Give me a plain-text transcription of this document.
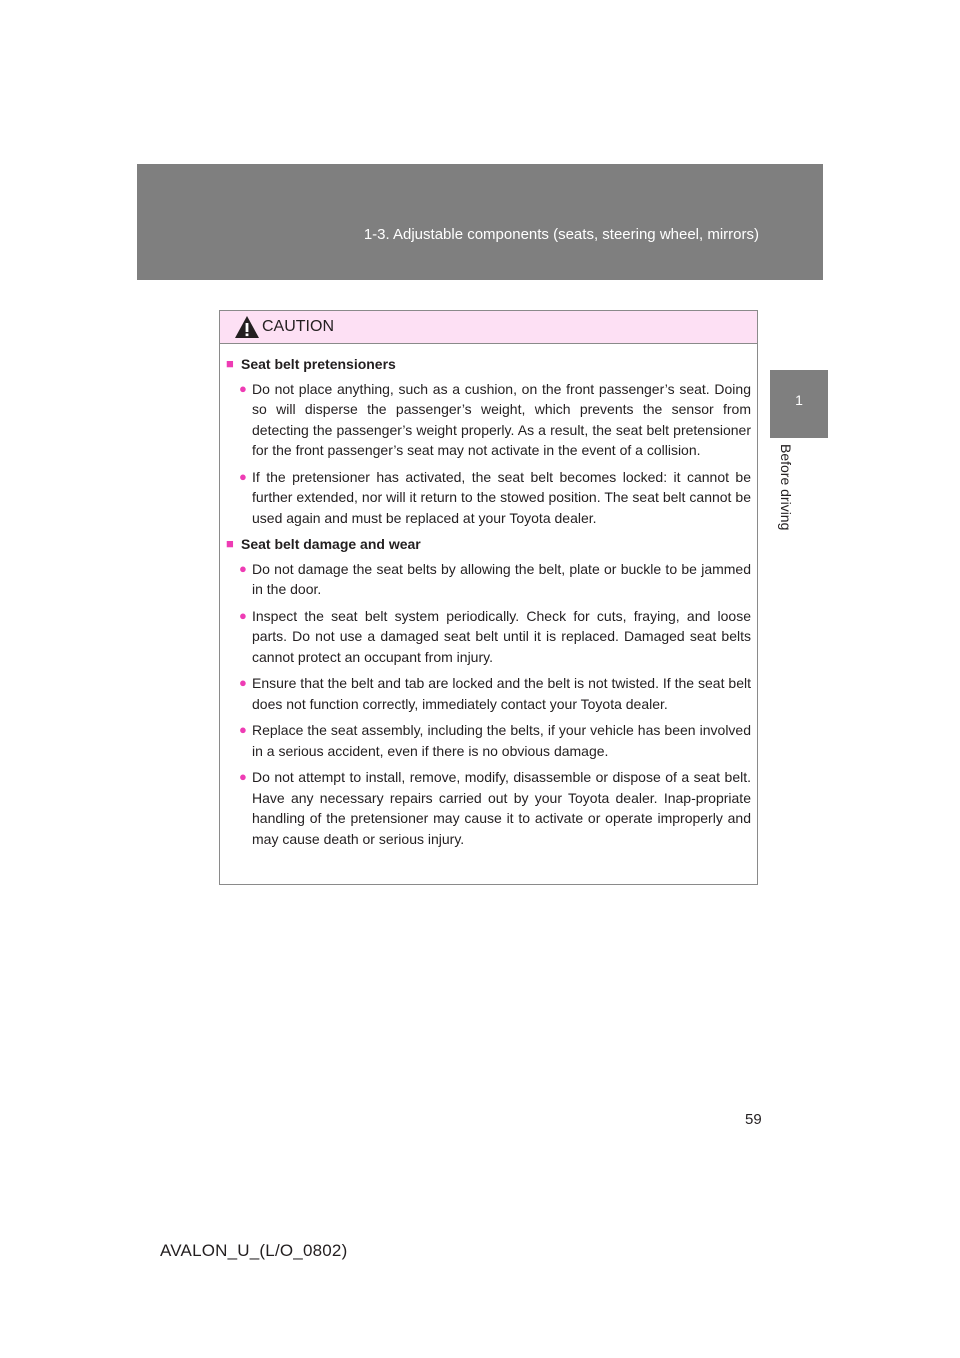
1-3. Adjustable components (seats, steering wheel, mirrors)
1
Before driving
CAUTION
■ Seat belt pretensioners
● Do not place anything, such as a cushion, on the front passenger’s seat. Doing so will disperse the passenger’s weight, which prevents the sensor from detecting the passenger’s weight properly. As a result, the seat belt pretensioner for the front passenger’s seat may not activate in the event of a collision.
● If the pretensioner has activated, the seat belt becomes locked: it cannot be further extended, nor will it return to the stowed position. The seat belt cannot be used again and must be replaced at your Toyota dealer.
■ Seat belt damage and wear
● Do not damage the seat belts by allowing the belt, plate or buckle to be jammed in the door.
● Inspect the seat belt system periodically. Check for cuts, fraying, and loose parts. Do not use a damaged seat belt until it is replaced. Damaged seat belts cannot protect an occupant from injury.
● Ensure that the belt and tab are locked and the belt is not twisted. If the seat belt does not function correctly, immediately contact your Toyota dealer.
● Replace the seat assembly, including the belts, if your vehicle has been involved in a serious accident, even if there is no obvious damage.
● Do not attempt to install, remove, modify, disassemble or dispose of a seat belt. Have any necessary repairs carried out by your Toyota dealer. Inap-propriate handling of the pretensioner may cause it to activate or operate improperly and may cause death or serious injury.
59
AVALON_U_(L/O_0802)
